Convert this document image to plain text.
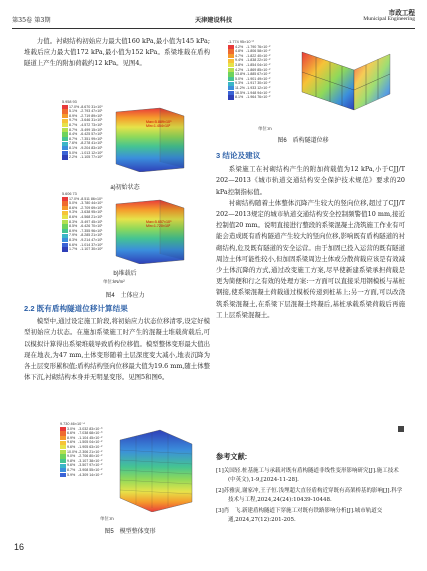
第35卷 第3期	天津建设科技
市政工程
Municipal Engineering

力值。衬砌结构初始应力最大值160 kPa,最小值为145 kPa;堆载后应力最大值172 kPa,最小值为152 kPa。系梁堆载在盾构隧道上产生的附加荷载约12 kPa。见图4。

5.958 93
17.0% -8.670 31×10⁰
5.1% -2.793 47×10¹
8.9% -2.719 89×10¹
9.7% -3.646 31×10¹
8.7% -4.572 73×10¹
8.7% -5.499 15×10¹
8.4% -6.425 57×10¹
8.7% -7.351 99×10¹
7.6% -8.278 41×10¹
8.1% -9.204 83×10¹
5.0% -1.013 12×10²
2.2% -1.105 77×10²
Max=5.889×10⁰
Min=1.454×10²
a)初始状态
5.606 73
17.0% -8.511 86×10⁰
5.0% -3.780 44×10⁰
8.6% -2.709 69×10¹
9.3% -3.638 95×10¹
8.6% -4.568 21×10¹
8.3% -5.497 45×10¹
8.5% -6.426 70×10¹
8.9% -7.355 96×10¹
7.9% -8.285 21×10¹
8.3% -9.214 47×10¹
6.6% -1.014 37×10²
1.7% -1.107 30×10²
Max=5.657×10⁰
Min=1.720×10²
b)堆载后
单位:kN/m²
图4　土体应力

2.2 既有盾构隧道位移计算结果

模型中,通过设定施工阶段,将初始应力状态位移清零,设定好模型初始应力状态。在施加系梁施工时产生的混凝土堆载荷载后,可以模拟计算得出系梁堆载导致盾构位移值。模型整体变形最大值出现在地表,为47 mm,土体变形随着土层深度变大减小,地表沉降为各土层变形累积值;盾构结构竖向位移最大值为19.6 mm,随土体整体下沉,衬砌结构本身并无明显变形。见图5和图6。

9.730 46×10⁻⁴
3.0% -3.032 83×10⁻³
6.6% -7.038 68×10⁻³
8.9% -1.104 45×10⁻²
9.6% -1.505 04×10⁻²
9.6% -1.905 63×10⁻²
10.0% -2.306 21×10⁻²
9.0% -2.706 80×10⁻²
9.8% -3.107 38×10⁻²
9.6% -3.507 97×10⁻²
8.7% -3.908 55×10⁻²
5.9% -4.309 14×10⁻²
单位:m
图5　模型整体变形
-1.774 95×10⁻²
4.2% -1.790 76×10⁻²
4.8% -1.806 58×10⁻²
4.7% -1.822 40×10⁻²
9.4% -1.838 22×10⁻²
3.8% -1.854 04×10⁻²
4.2% -1.869 85×10⁻²
13.8% -1.885 67×10⁻²
5.0% -1.901 49×10⁻²
9.3% -1.917 30×10⁻²
11.2% -1.933 12×10⁻²
16.5% -1.948 94×10⁻²
8.1% -1.964 76×10⁻²
单位:m
图6　盾构隧道位移

3 结论及建议

系梁施工在衬砌结构产生的附加荷载值为12 kPa,小于CJJ/T 202—2013《城市轨道交通结构安全保护技术规范》要求的20 kPa控制指标值。

衬砌结构随着土体整体沉降产生较大的竖向位移,超过了CJJ/T 202—2013规定的城市轨道交通结构安全控制频警值10 mm,接近控制值20 mm。说明直接进行整段的系梁混凝土浇筑施工作业有可能会造成既有盾构隧道产生较大的竖向位移,影响既有盾构隧道的衬砌结构,危及既有隧道的安全运营。由于加固已投入运营的既有隧道周边土体可能性较小,但加固系梁周边土体或分散荷载应该是有效减少土体沉降的方式,通过改变施工方案,尽早使新建系梁承担荷载是更为简便和行之有效的处理方案:一方面可以直接采用钢模板与基桩钢接,使系梁混凝土荷载通过模板传递到桩基上;另一方面,可以改浇筑系梁混凝土,在系梁下层混凝土终凝后,基桩承载系梁荷载后再施工上层系梁混凝土。

参考文献:

[1]关国轻.桩基施工与承载对既有盾构隧道非线性变形影响研究[J].施工技术(中英文),1-9,[2024-11-28].

[2]苏雅寅,谢家冲,王子恒.浅埋超大直径盾构近穿既有高架桥基的影响[J].科学技术与工程,2024,24(24):10439-10448.

[3]肖　飞.新建盾构隧道下穿施工对既有铁路影响分析[J].城市轨道交通,2024,27(12):201-205.

16
